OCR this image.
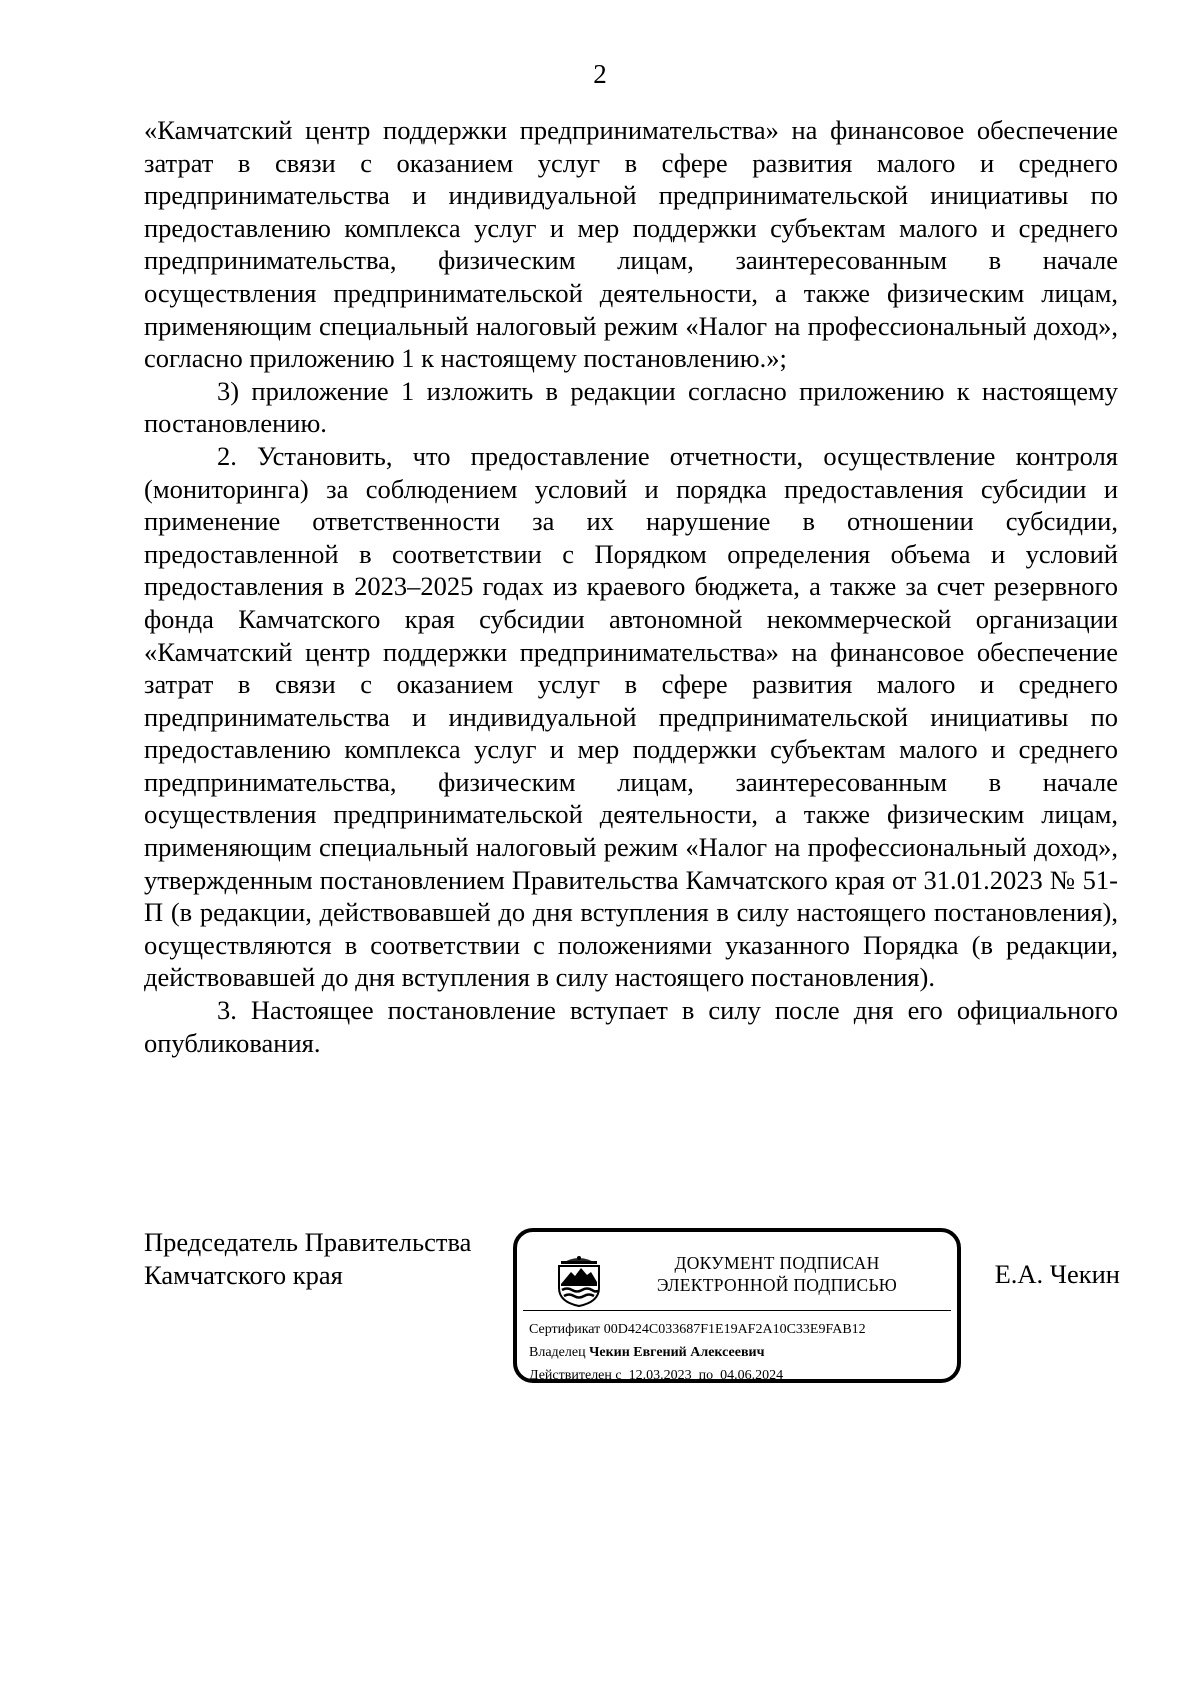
2

«Камчатский центр поддержки предпринимательства» на финансовое обеспечение затрат в связи с оказанием услуг в сфере развития малого и среднего предпринимательства и индивидуальной предпринимательской инициативы по предоставлению комплекса услуг и мер поддержки субъектам малого и среднего предпринимательства, физическим лицам, заинтересованным в начале осуществления предпринимательской деятельности, а также физическим лицам, применяющим специальный налоговый режим «Налог на профессиональный доход», согласно приложению 1 к настоящему постановлению.»;

3) приложение 1 изложить в редакции согласно приложению к настоящему постановлению.

2. Установить, что предоставление отчетности, осуществление контроля (мониторинга) за соблюдением условий и порядка предоставления субсидии и применение ответственности за их нарушение в отношении субсидии, предоставленной в соответствии с Порядком определения объема и условий предоставления в 2023–2025 годах из краевого бюджета, а также за счет резервного фонда Камчатского края субсидии автономной некоммерческой организации «Камчатский центр поддержки предпринимательства» на финансовое обеспечение затрат в связи с оказанием услуг в сфере развития малого и среднего предпринимательства и индивидуальной предпринимательской инициативы по предоставлению комплекса услуг и мер поддержки субъектам малого и среднего предпринимательства, физическим лицам, заинтересованным в начале осуществления предпринимательской деятельности, а также физическим лицам, применяющим специальный налоговый режим «Налог на профессиональный доход», утвержденным постановлением Правительства Камчатского края от 31.01.2023 № 51-П (в редакции, действовавшей до дня вступления в силу настоящего постановления), осуществляются в соответствии с положениями указанного Порядка (в редакции, действовавшей до дня вступления в силу настоящего постановления).

3. Настоящее постановление вступает в силу после дня его официального опубликования.

Председатель Правительства
Камчатского края	ДОКУМЕНТ ПОДПИСАН
ЭЛЕКТРОННОЙ ПОДПИСЬЮ
Сертификат 00D424C033687F1E19AF2A10C33E9FAB12
Владелец Чекин Евгений Алексеевич
Действителен с 12.03.2023 по 04.06.2024
Е.А. Чекин
